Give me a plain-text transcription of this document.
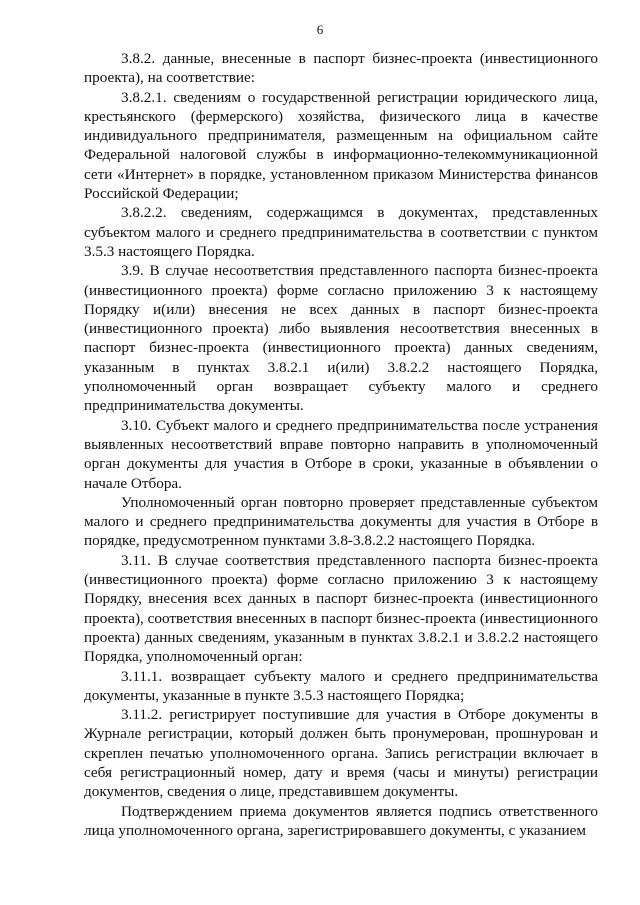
6

3.8.2. данные, внесенные в паспорт бизнес-проекта (инвестиционного проекта), на соответствие:

3.8.2.1. сведениям о государственной регистрации юридического лица, крестьянского (фермерского) хозяйства, физического лица в качестве индивидуального предпринимателя, размещенным на официальном сайте Федеральной налоговой службы в информационно-телекоммуникационной сети «Интернет» в порядке, установленном приказом Министерства финансов Российской Федерации;

3.8.2.2. сведениям, содержащимся в документах, представленных субъектом малого и среднего предпринимательства в соответствии с пунктом 3.5.3 настоящего Порядка.

3.9. В случае несоответствия представленного паспорта бизнес-проекта (инвестиционного проекта) форме согласно приложению 3 к настоящему Порядку и(или) внесения не всех данных в паспорт бизнес-проекта (инвестиционного проекта) либо выявления несоответствия внесенных в паспорт бизнес-проекта (инвестиционного проекта) данных сведениям, указанным в пунктах 3.8.2.1 и(или) 3.8.2.2 настоящего Порядка, уполномоченный орган возвращает субъекту малого и среднего предпринимательства документы.

3.10. Субъект малого и среднего предпринимательства после устранения выявленных несоответствий вправе повторно направить в уполномоченный орган документы для участия в Отборе в сроки, указанные в объявлении о начале Отбора.

Уполномоченный орган повторно проверяет представленные субъектом малого и среднего предпринимательства документы для участия в Отборе в порядке, предусмотренном пунктами 3.8-3.8.2.2 настоящего Порядка.

3.11. В случае соответствия представленного паспорта бизнес-проекта (инвестиционного проекта) форме согласно приложению 3 к настоящему Порядку, внесения всех данных в паспорт бизнес-проекта (инвестиционного проекта), соответствия внесенных в паспорт бизнес-проекта (инвестиционного проекта) данных сведениям, указанным в пунктах 3.8.2.1 и 3.8.2.2 настоящего Порядка, уполномоченный орган:

3.11.1. возвращает субъекту малого и среднего предпринимательства документы, указанные в пункте 3.5.3 настоящего Порядка;

3.11.2. регистрирует поступившие для участия в Отборе документы в Журнале регистрации, который должен быть пронумерован, прошнурован и скреплен печатью уполномоченного органа. Запись регистрации включает в себя регистрационный номер, дату и время (часы и минуты) регистрации документов, сведения о лице, представившем документы.

Подтверждением приема документов является подпись ответственного лица уполномоченного органа, зарегистрировавшего документы, с указанием
